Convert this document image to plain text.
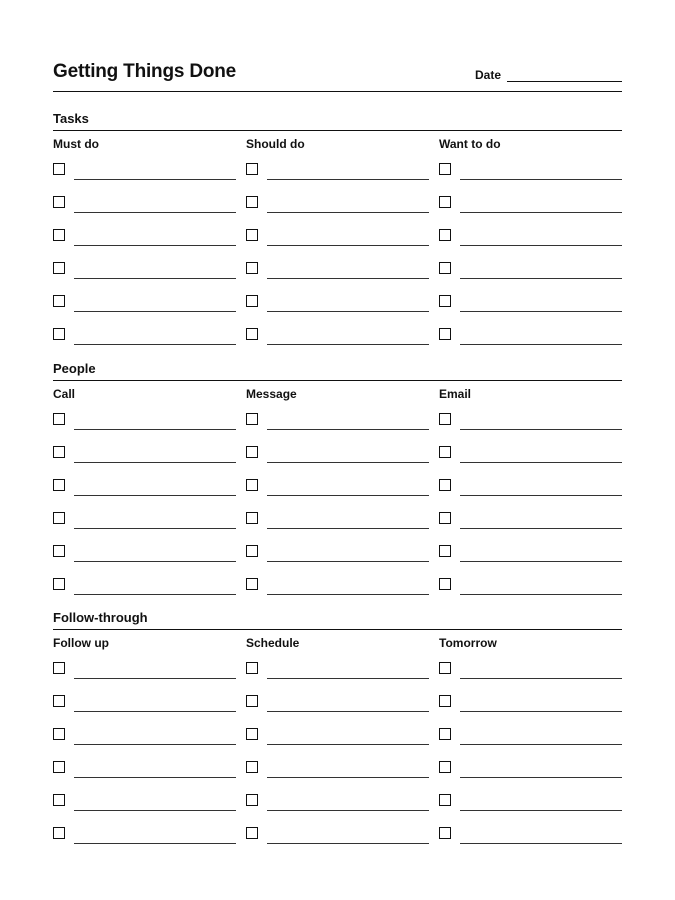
Getting Things Done	Date
Tasks
Must do	Should do	Want to do
People
Call	Message	Email
Follow-through
Follow up	Schedule	Tomorrow
